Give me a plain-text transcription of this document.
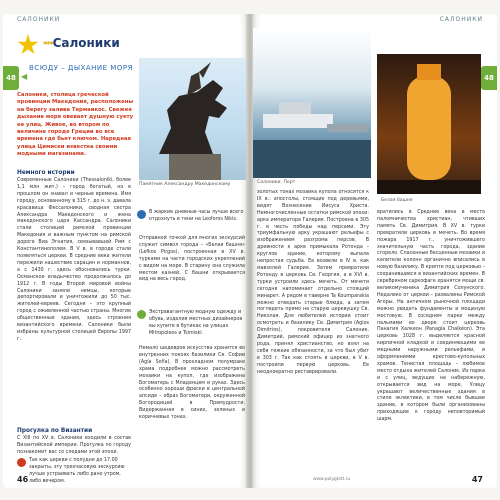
САЛОНИКИ
48 ◀
***Салоники
ВСЮДУ – ДЫХАНИЕ МОРЯ
Салоники, столица греческой провинции Македония, расположены на берегу залива Термаикос. Свежее дыхание моря овевает душную суету ее улиц. Живое, во втором по величине городе Греции во все времена где бьет ключом. Нарядная улица Цимиски известна своими модными магазинами.
Памятник Александру Македонскому
Немного истории
Современные Салоники (Thessaloníki, более 1,1 млн жит.) – город богатый, но в прошлом он знавал и черные времена. Имя городу, основанному в 315 г. до н. э. давала красавица Фессалоники, сводная сестра Александра Македонского и жена македонского царя Кассандра. Салоники стали столицей римской провинции Македония и важным пунктом на римской дороге Виа Эгнатия, связывавшей Рим с Константинополем. В V в. в городе стали появляться церкви. В средние века жители пережили нашествие сарацин и норманнов, а с 1430 г. здесь обосновались турки. Османское владычество продолжалось до 1912 г. В годы Второй мировой войны Салоники заняли немцы, которые депортировали и уничтожили до 50 тыс. жителей-евреев. Сегодня – это крупный город с оживленной частью страны. Многие общественные здания, здесь строения византийского времени. Салоники были избраны культурной столицей Европы 1997 г.
Прогулка по Византии
С XIII по XV в. Салоники входили в состав Византийской империи. Прогулка по городу познакомит вас со следами этой эпохи.
Так как церкви с полудня до 17.00 закрыты, эту трехчасовую экскурсию лучше устраивать либо рано утром, либо вечером.
В жаркие дневные часы лучше всего отдохнуть в тени на Leoforos Nikis.
Отправной точкой для многих экскурсий служит символ города – «Белая башня» (Lefkos Pírgos), построенная в XV в. турками на части городских укреплений с видом на море. В старину она служила местом казней. С башни открывается вид на весь город.
Экстравагантную модную одежду и обувь, изделия местных дизайнеров вы купите в бутиках на улицах Mitropoleos и Tsimiski.
Немало шедевров искусства хранится во внутренних покоях базилики Св. Софии (Agía Sofía). В прохладном полумраке храма подробнее можно рассмотреть мозаики на купол, где изображена Богоматерь с Младенцем и руках. Здесь особенно хороши фрески в центральной апсиде – образ Богоматери, окруженной Богородицей в Премудрости. Видержанная в синих, зеленых и коричневых тонах.
46
САЛОНИКИ
48
Салоники. Порт
Белая башня
золотых тонах мозаика купола относится к IX в.: апостолы, стоящие под деревьями, видят Вознесение Иисуса Христа. Немногочисленные остатки римской эпохи: арка императора Галерия. Построена в 305 г. в честь победы над персами. Эту триумфальную арку украшают рельефы с изображением разгрома персов. В древности к арке примыкала Ротонда – круглое здание, которому выпала непростая судьба. Ее возвели в IV в. как мавзолей Галерия. Затем превратили Ротонду в церковь Св. Георгия, а в XVI в. турки устроили здесь мечеть. От мечети сегодня напоминает отдельно стоящий минарет. А рядом в таверне Ta Koumparakia можно отведать старые блюда, а затем поглядеть прямо на старую церквушку Св. Николая. Для любителей истории стоит осмотреть и базилику Св. Димитрия (Agios Dimitrios), покровителя Салоник. Димитрий, римский офицер из знатного рода, принял христианство, но взял на себя тяжкие обязанности, за что был убит в 303 г. Так как стоять в церкви, в V в. построили первую церковь. Ее неоднократно реставрировали.
вратились в Средние века в место паломничества христиан, чтивших память Св. Димитрия. В XV в. турки превратили церковь в мечеть. Во время пожара 1917 г., уничтожившего значительную часть города, здание сгорело. Спасенные бесценные мозаики и капители колонн органично вписались в новую базилику. В крипте под церковью – сохранившиеся в византийских времен. В серебряном саркофаге хранятся мощи св. великомученика Димитрия Солунского. Недалеко от церкви – развалины Римской Агоры. На античном рыночной площади можно увидеть фундаменты и мощеную мостовую. В соседнем парке между пальмами во дворе стоит церковь Панагия Халкеон (Panagía Chalkéon). Эта церковь 1028 г. выделяется красной кирпичной кладкой и соединяющими ее медными наружными рельефами, и оформлениями крестово-купольных храмов. Тенистая площадь – любимое место отдыха жителей Салоник. Из парка и с улиц, ведущих на набережную, открывается вид на море. Улицу украшают величественные здания в стиле эклектики, в том числе бывшее здание, в котором были организованы приходящие к городу неповторимый шарм.
www.polyglott.ru	47
